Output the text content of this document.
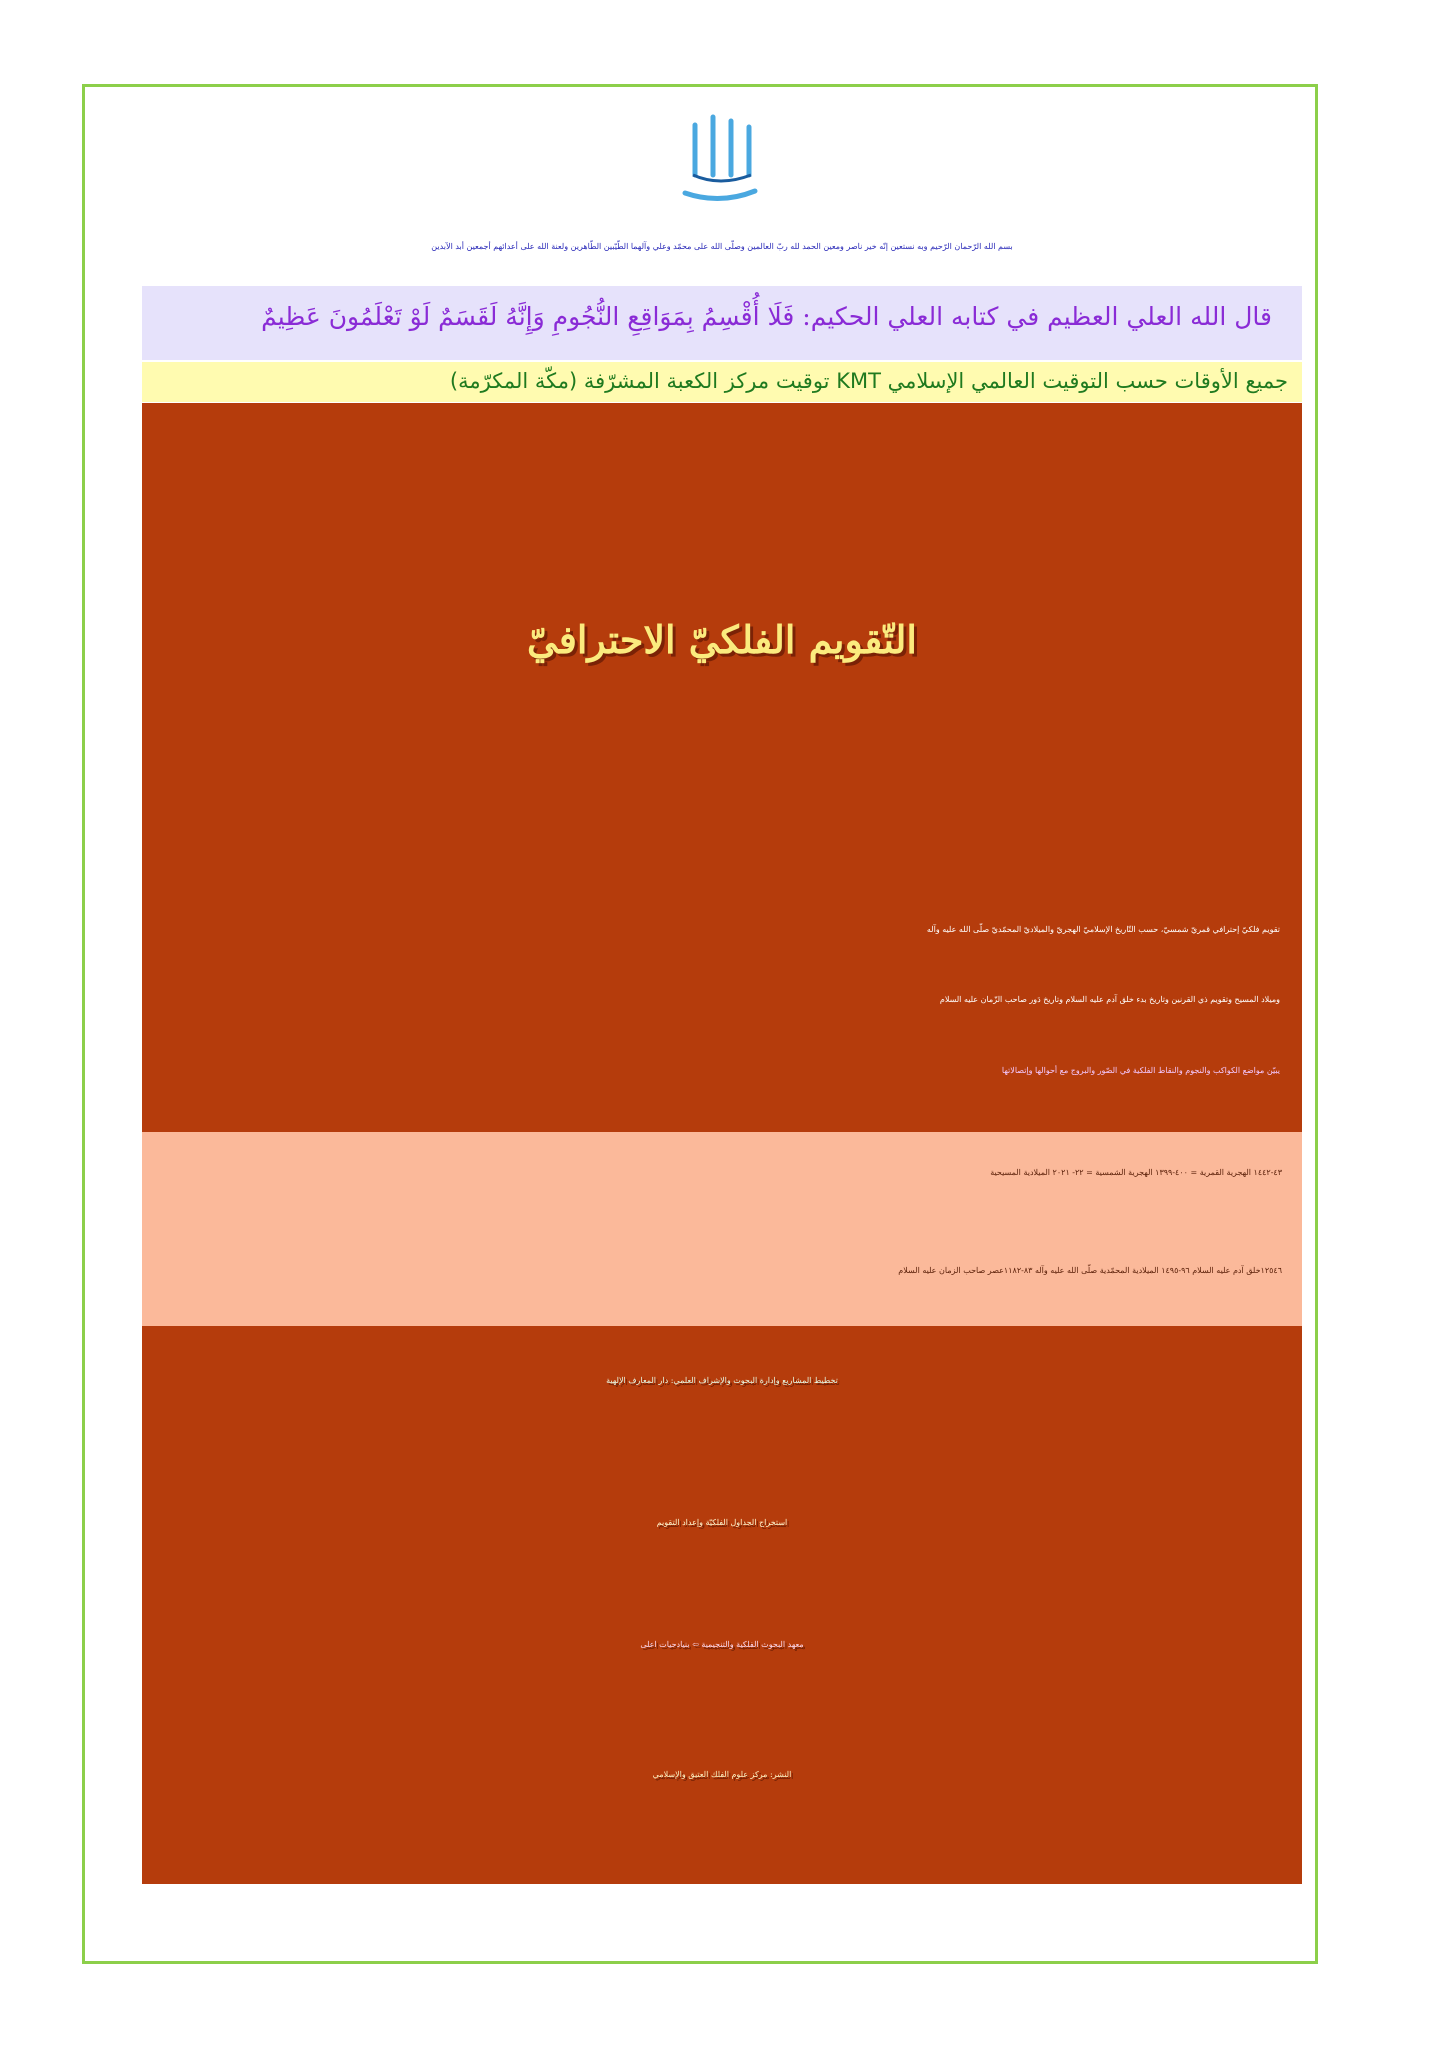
بسم الله الرّحمان الرّحيم وبه نستعين إنّه خير ناصر ومعين الحمد لله ربّ العالمين وصلّى الله على محمّد وعلي وآلهما الطّيّبين الطّاهرين ولعنة الله على أعدائهم أجمعين أبد الآبدين
قال الله العلي العظيم في كتابه العلي الحكيم: فَلَا أُقْسِمُ بِمَوَاقِعِ النُّجُومِ وَإِنَّهُ لَقَسَمٌ لَوْ تَعْلَمُونَ عَظِيمٌ
جميع الأوقات حسب التوقيت العالمي الإسلامي KMT توقيت مركز الكعبة المشرّفة (مكّة المكرّمة)
التّقويم الفلكيّ الاحترافيّ
تقويم فلكيّ إحترافي قمريّ شمسيّ، حسب التّاريخ الإسلاميّ الهجريّ والميلاديّ المحمّديّ صلّى الله عليه وآله
وميلاد المسيح وتقويم ذي القرنين وتاريخ بدء خلق آدم عليه السلام وتاريخ دَور صاحب الزّمان عليه السلام
يبيّن مواضع الكواكب والنجوم والنقاط الفلكية في الصّور والبروج مع أحوالها وإتصالاتها
٤٣-١٤٤٢ الهجرية القمرية = ٤٠٠-١٣٩٩ الهجرية الشمسية = ٢٢- ٢٠٢١ الميلادية المسيحية
١٢٥٤٦خلق آدم عليه السلام ٩٦-١٤٩٥ الميلادية المحمّدية صلّى الله عليه وآله ٨٣-١١٨٢عصر صاحب الزمان عليه السلام
تخطيط المشاريع وإدارة البحوث والإشراف العلمي: دار المعارف الإلهية
استخراج الجداول الفلكيّة وإعداد التقويم
معهد البحوث الفلكية والتنجيمية ⇦ بنيادحيات اعلى
النشر: مركز علوم الفلك العتيق والإسلامي
